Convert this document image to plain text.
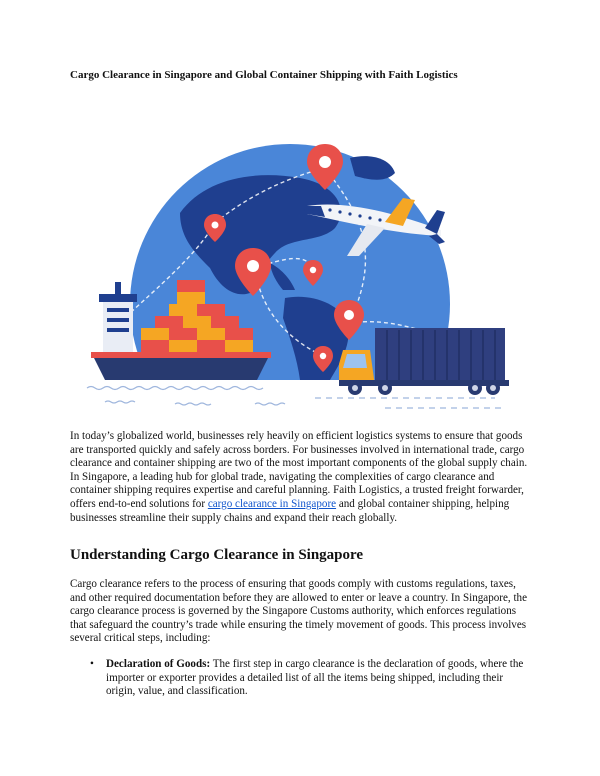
Cargo Clearance in Singapore and Global Container Shipping with Faith Logistics

In today’s globalized world, businesses rely heavily on efficient logistics systems to ensure that goods are transported quickly and safely across borders. For businesses involved in international trade, cargo clearance and container shipping are two of the most important components of the global supply chain. In Singapore, a leading hub for global trade, navigating the complexities of cargo clearance and container shipping requires expertise and careful planning. Faith Logistics, a trusted freight forwarder, offers end-to-end solutions for cargo clearance in Singapore and global container shipping, helping businesses streamline their supply chains and expand their reach globally.

Understanding Cargo Clearance in Singapore

Cargo clearance refers to the process of ensuring that goods comply with customs regulations, taxes, and other required documentation before they are allowed to enter or leave a country. In Singapore, the cargo clearance process is governed by the Singapore Customs authority, which enforces regulations that safeguard the country’s trade while ensuring the timely movement of goods. This process involves several critical steps, including:

• Declaration of Goods: The first step in cargo clearance is the declaration of goods, where the importer or exporter provides a detailed list of all the items being shipped, including their origin, value, and classification.
